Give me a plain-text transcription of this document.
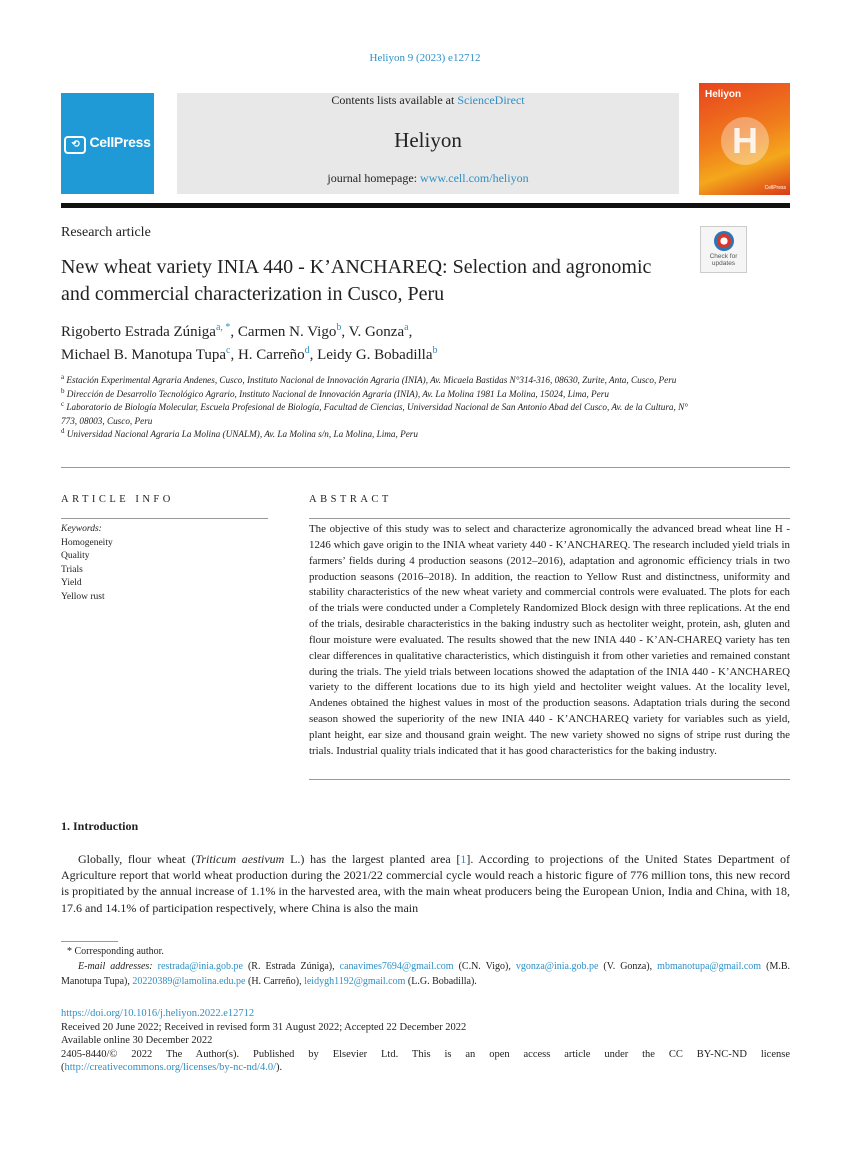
Heliyon 9 (2023) e12712
⟲ CellPress
Contents lists available at ScienceDirect
Heliyon
journal homepage: www.cell.com/heliyon
Heliyon
H
CellPress
Research article
Check for updates
New wheat variety INIA 440 - K’ANCHAREQ: Selection and agronomic and commercial characterization in Cusco, Peru
Rigoberto Estrada Zúniga$^{a, *}$, Carmen N. Vigo$^b$, V. Gonza$^a$,
Michael B. Manotupa Tupa$^c$, H. Carreño$^d$, Leidy G. Bobadilla$^b$
$^a$ Estación Experimental Agraria Andenes, Cusco, Instituto Nacional de Innovación Agraria (INIA), Av. Micaela Bastidas N°314-316, 08630, Zurite, Anta, Cusco, Peru
$^b$ Dirección de Desarrollo Tecnológico Agrario, Instituto Nacional de Innovación Agraria (INIA), Av. La Molina 1981 La Molina, 15024, Lima, Peru
$^c$ Laboratorio de Biología Molecular, Escuela Profesional de Biología, Facultad de Ciencias, Universidad Nacional de San Antonio Abad del Cusco, Av. de la Cultura, N° 773, 08003, Cusco, Peru
$^d$ Universidad Nacional Agraria La Molina (UNALM), Av. La Molina s/n, La Molina, Lima, Peru
ARTICLE INFO	ABSTRACT
Keywords:
Homogeneity
Quality
Trials
Yield
Yellow rust
The objective of this study was to select and characterize agronomically the advanced bread wheat line H - 1246 which gave origin to the INIA wheat variety 440 - K’ANCHAREQ. The research included yield trials in farmers’ fields during 4 production seasons (2012–2016), adaptation and agronomic efficiency trials in two production seasons (2016–2018). In addition, the reaction to Yellow Rust and distinctness, uniformity and stability characteristics of the new wheat variety and commercial controls were evaluated. The plots for each of the trials were conducted under a Completely Randomized Block design with three replications. At the end of the trials, desirable characteristics in the baking industry such as hectoliter weight, protein, ash, gluten and flour moisture were evaluated. The results showed that the new INIA 440 - K’AN-CHAREQ variety has ten clear differences in qualitative characteristics, which distinguish it from other varieties and remained constant during the trials. The yield trials between locations showed the adaptation of the INIA 440 - K’ANCHAREQ variety to the different locations due to its high yield and hectoliter weight values. At the locality level, Andenes obtained the highest values in most of the production seasons. Adaptation trials during the second season showed the superiority of the new INIA 440 - K’ANCHAREQ variety for variables such as yield, plant height, ear size and thousand grain weight. The new variety showed no signs of stripe rust during the trials. Industrial quality trials indicated that it has good characteristics for the baking industry.
1. Introduction
Globally, flour wheat (Triticum aestivum L.) has the largest planted area [1]. According to projections of the United States Department of Agriculture report that world wheat production during the 2021/22 commercial cycle would reach a historic figure of 776 million tons, this new record is propitiated by the annual increase of 1.1% in the harvested area, with the main wheat producers being the European Union, India and China, with 18, 17.6 and 14.1% of participation respectively, where China is also the main
* Corresponding author.
E-mail addresses: restrada@inia.gob.pe (R. Estrada Zúniga), canavimes7694@gmail.com (C.N. Vigo), vgonza@inia.gob.pe (V. Gonza), mbmanotupa@gmail.com (M.B. Manotupa Tupa), 20220389@lamolina.edu.pe (H. Carreño), leidygh1192@gmail.com (L.G. Bobadilla).
https://doi.org/10.1016/j.heliyon.2022.e12712
Received 20 June 2022; Received in revised form 31 August 2022; Accepted 22 December 2022
Available online 30 December 2022
2405-8440/© 2022 The Author(s). Published by Elsevier Ltd. This is an open access article under the CC BY-NC-ND license
(http://creativecommons.org/licenses/by-nc-nd/4.0/).
